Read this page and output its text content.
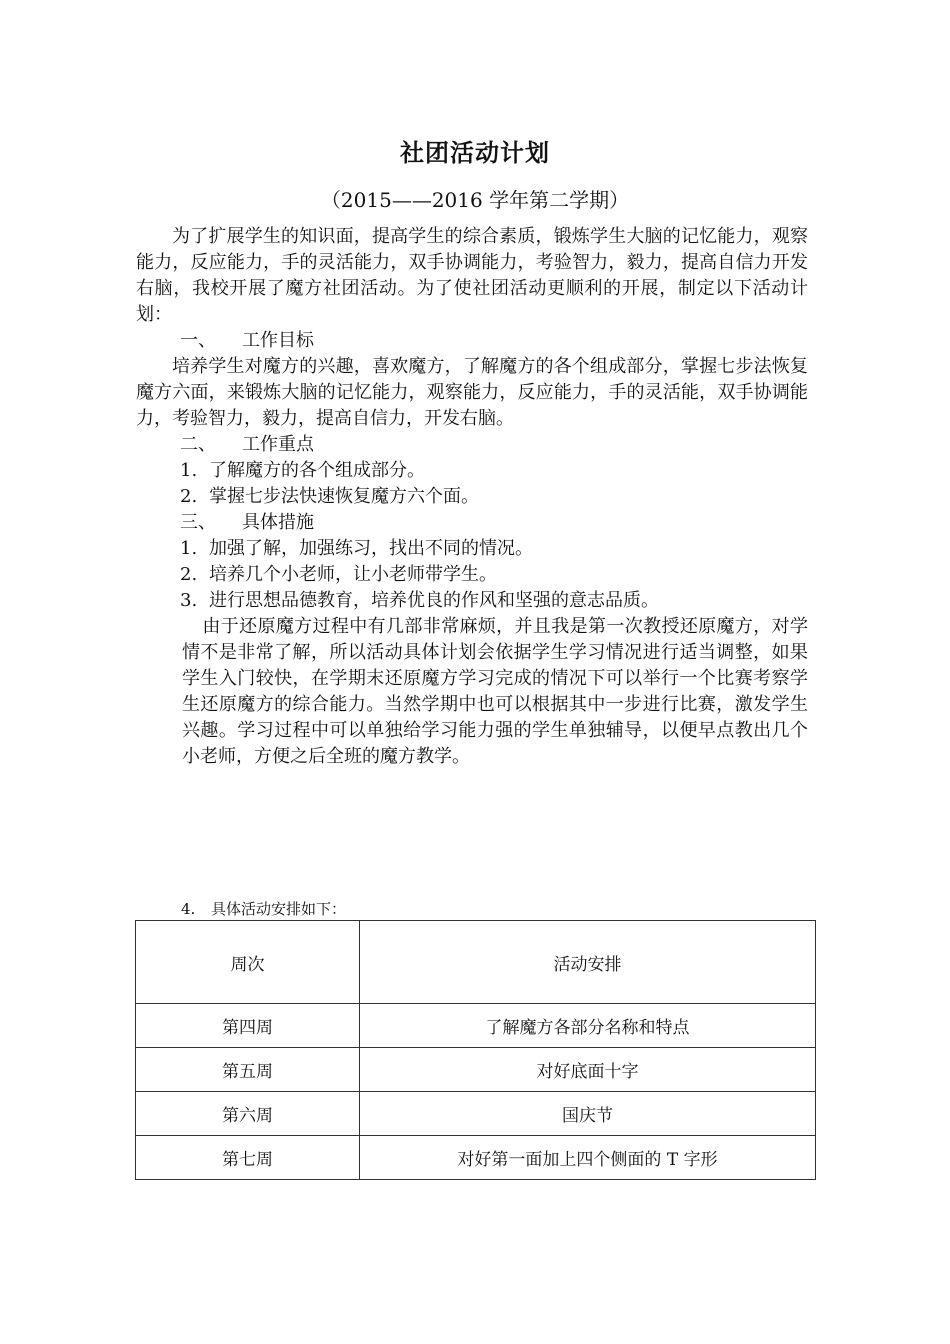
社团活动计划
（2015——2016 学年第二学期）

为了扩展学生的知识面，提高学生的综合素质，锻炼学生大脑的记忆能力，观察能力，反应能力，手的灵活能力，双手协调能力，考验智力，毅力，提高自信力开发右脑，我校开展了魔方社团活动。为了使社团活动更顺利的开展，制定以下活动计划：

一、 工作目标

培养学生对魔方的兴趣，喜欢魔方，了解魔方的各个组成部分，掌握七步法恢复魔方六面，来锻炼大脑的记忆能力，观察能力，反应能力，手的灵活能，双手协调能力，考验智力，毅力，提高自信力，开发右脑。

二、 工作重点

1. 了解魔方的各个组成部分。

2. 掌握七步法快速恢复魔方六个面。

三、 具体措施

1. 加强了解，加强练习，找出不同的情况。

2. 培养几个小老师，让小老师带学生。

3. 进行思想品德教育，培养优良的作风和坚强的意志品质。

由于还原魔方过程中有几部非常麻烦，并且我是第一次教授还原魔方，对学情不是非常了解，所以活动具体计划会依据学生学习情况进行适当调整，如果学生入门较快，在学期末还原魔方学习完成的情况下可以举行一个比赛考察学生还原魔方的综合能力。当然学期中也可以根据其中一步进行比赛，激发学生兴趣。学习过程中可以单独给学习能力强的学生单独辅导，以便早点教出几个小老师，方便之后全班的魔方教学。

4. 具体活动安排如下：
周次	活动安排
第四周	了解魔方各部分名称和特点
第五周	对好底面十字
第六周	国庆节
第七周	对好第一面加上四个侧面的 T 字形
